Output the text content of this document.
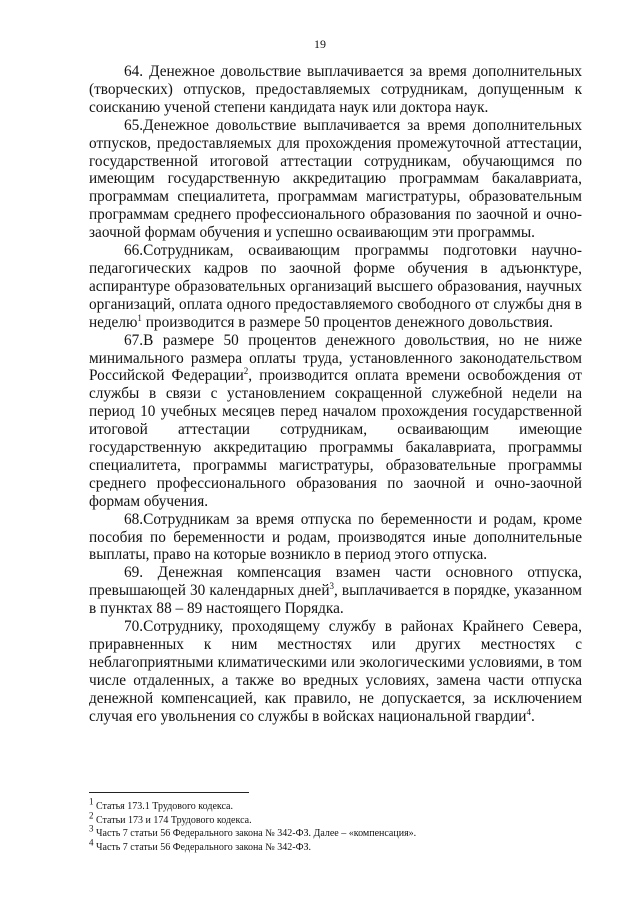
19

64. Денежное довольствие выплачивается за время дополнительных (творческих) отпусков, предоставляемых сотрудникам, допущенным к соисканию ученой степени кандидата наук или доктора наук.

65.Денежное довольствие выплачивается за время дополнительных отпусков, предоставляемых для прохождения промежуточной аттестации, государственной итоговой аттестации сотрудникам, обучающимся по имеющим государственную аккредитацию программам бакалавриата, программам специалитета, программам магистратуры, образовательным программам среднего профессионального образования по заочной и очно-заочной формам обучения и успешно осваивающим эти программы.

66.Сотрудникам, осваивающим программы подготовки научно-педагогических кадров по заочной форме обучения в адъюнктуре, аспирантуре образовательных организаций высшего образования, научных организаций, оплата одного предоставляемого свободного от службы дня в неделю$^1$ производится в размере 50 процентов денежного довольствия.

67.В размере 50 процентов денежного довольствия, но не ниже минимального размера оплаты труда, установленного законодательством Российской Федерации$^2$, производится оплата времени освобождения от службы в связи с установлением сокращенной служебной недели на период 10 учебных месяцев перед началом прохождения государственной итоговой аттестации сотрудникам, осваивающим имеющие государственную аккредитацию программы бакалавриата, программы специалитета, программы магистратуры, образовательные программы среднего профессионального образования по заочной и очно-заочной формам обучения.

68.Сотрудникам за время отпуска по беременности и родам, кроме пособия по беременности и родам, производятся иные дополнительные выплаты, право на которые возникло в период этого отпуска.

69. Денежная компенсация взамен части основного отпуска, превышающей 30 календарных дней$^3$, выплачивается в порядке, указанном в пунктах 88 – 89 настоящего Порядка.

70.Сотруднику, проходящему службу в районах Крайнего Севера, приравненных к ним местностях или других местностях с неблагоприятными климатическими или экологическими условиями, в том числе отдаленных, а также во вредных условиях, замена части отпуска денежной компенсацией, как правило, не допускается, за исключением случая его увольнения со службы в войсках национальной гвардии$^4$.

$^1$ Статья 173.1 Трудового кодекса.

$^2$ Статьи 173 и 174 Трудового кодекса.

$^3$ Часть 7 статьи 56 Федерального закона № 342-ФЗ. Далее – «компенсация».

$^4$ Часть 7 статьи 56 Федерального закона № 342-ФЗ.
